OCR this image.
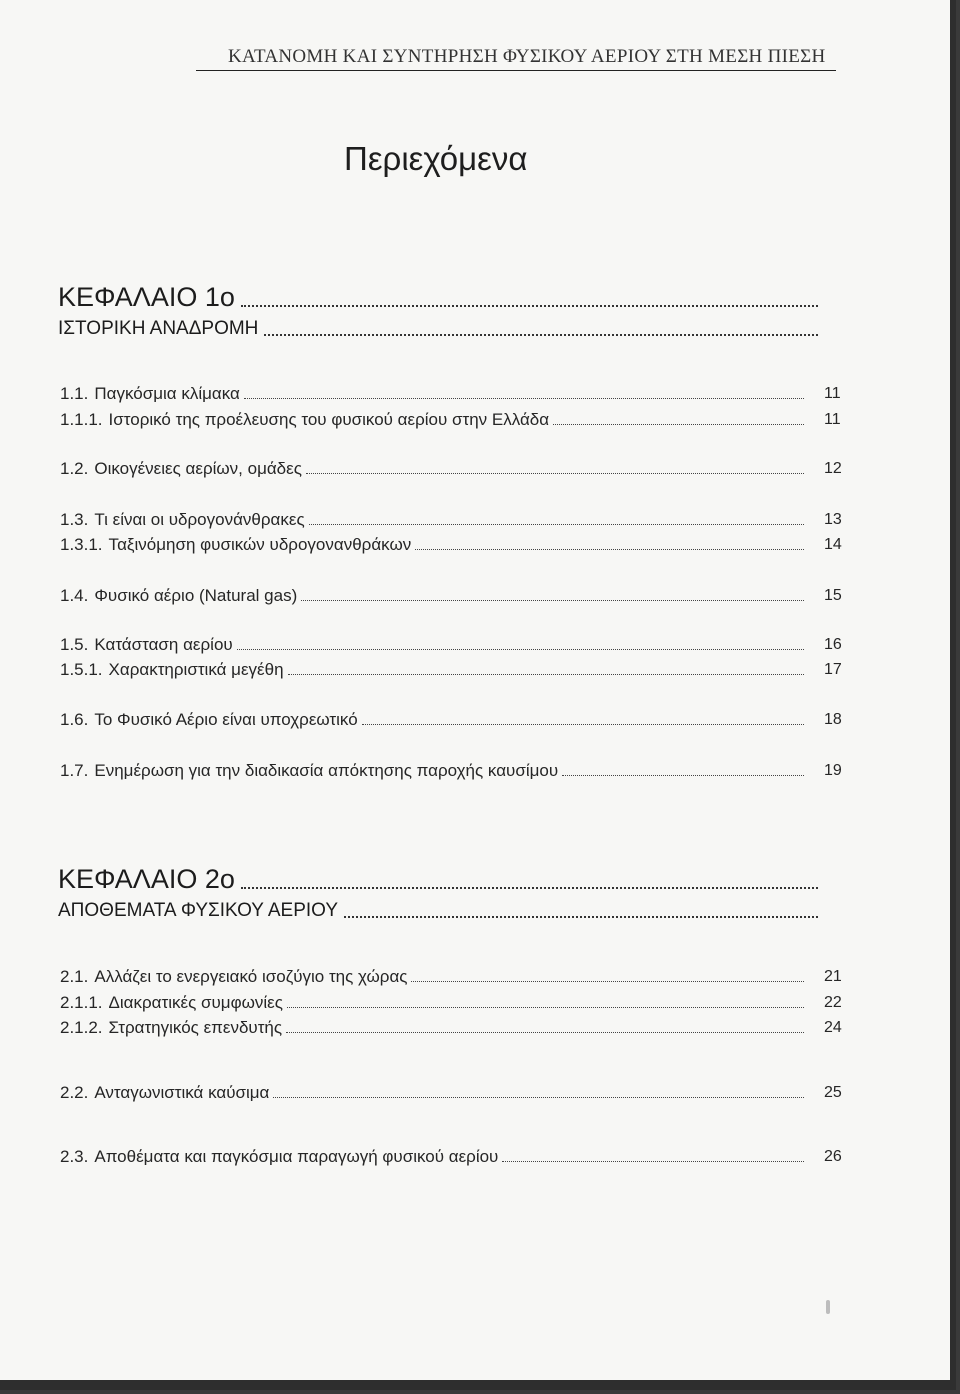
ΚΑΤΑΝΟΜΗ ΚΑΙ ΣΥΝΤΗΡΗΣΗ ΦΥΣΙΚΟΥ ΑΕΡΙΟΥ ΣΤΗ ΜΕΣΗ ΠΙΕΣΗ
Περιεχόμενα
ΚΕΦΑΛΑΙΟ 1ο
ΙΣΤΟΡΙΚΗ ΑΝΑΔΡΟΜΗ
1.1. Παγκόσμια κλίμακα	11
1.1.1. Ιστορικό της προέλευσης του φυσικού αερίου στην Ελλάδα	11
1.2. Οικογένειες αερίων, ομάδες	12
1.3. Τι είναι οι υδρογονάνθρακες	13
1.3.1. Ταξινόμηση φυσικών υδρογονανθράκων	14
1.4. Φυσικό αέριο (Natural gas)	15
1.5. Κατάσταση αερίου	16
1.5.1. Χαρακτηριστικά μεγέθη	17
1.6. Το Φυσικό Αέριο είναι υποχρεωτικό	18
1.7. Ενημέρωση για την διαδικασία απόκτησης παροχής καυσίμου	19
ΚΕΦΑΛΑΙΟ 2ο
ΑΠΟΘΕΜΑΤΑ ΦΥΣΙΚΟΥ ΑΕΡΙΟΥ
2.1. Αλλάζει το ενεργειακό ισοζύγιο της χώρας	21
2.1.1. Διακρατικές συμφωνίες	22
2.1.2. Στρατηγικός επενδυτής	24
2.2. Ανταγωνιστικά καύσιμα	25
2.3. Αποθέματα και παγκόσμια παραγωγή φυσικού αερίου	26
